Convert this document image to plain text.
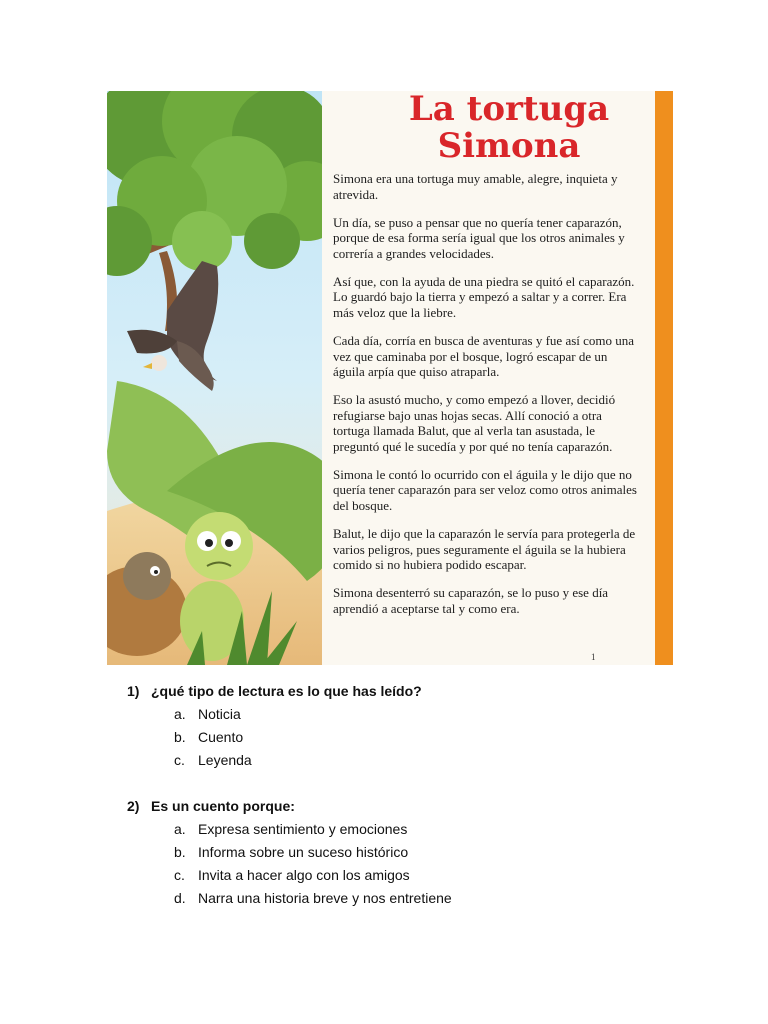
La tortuga
Simona

Simona era una tortuga muy amable, alegre, inquieta y atrevida.

Un día, se puso a pensar que no quería tener caparazón, porque de esa forma sería igual que los otros animales y correría a grandes velocidades.

Así que, con la ayuda de una piedra se quitó el caparazón. Lo guardó bajo la tierra y empezó a saltar y a correr. Era más veloz que la liebre.

Cada día, corría en busca de aventuras y fue así como una vez que caminaba por el bosque, logró escapar de un águila arpía que quiso atraparla.

Eso la asustó mucho, y como empezó a llover, decidió refugiarse bajo unas hojas secas. Allí conoció a otra tortuga llamada Balut, que al verla tan asustada, le preguntó qué le sucedía y por qué no tenía caparazón.

Simona le contó lo ocurrido con el águila y le dijo que no quería tener caparazón para ser veloz como otros animales del bosque.

Balut, le dijo que la caparazón le servía para protegerla de varios peligros, pues seguramente el águila se la hubiera comido si no hubiera podido escapar.

Simona desenterró su caparazón, se lo puso y ese día aprendió a aceptarse tal y como era.

1
1) ¿qué tipo de lectura es lo que has leído?
a. Noticia
b. Cuento
c. Leyenda
2) Es un cuento porque:
a. Expresa sentimiento y emociones
b. Informa sobre un suceso histórico
c. Invita a hacer algo con los amigos
d. Narra una historia breve y nos entretiene
